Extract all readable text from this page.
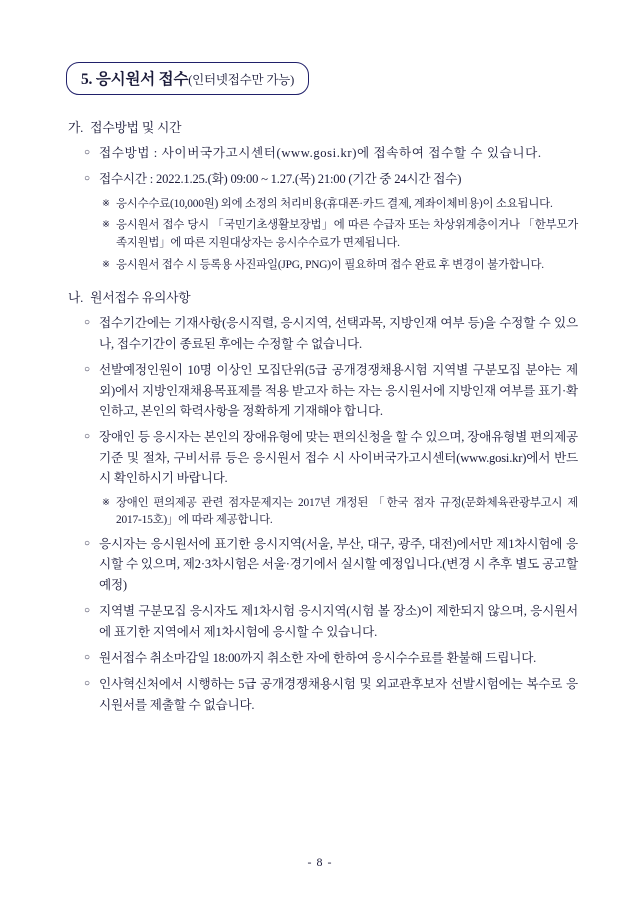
5. 응시원서 접수(인터넷접수만 가능)

가. 접수방법 및 시간

○ 접수방법 : 사이버국가고시센터(www.gosi.kr)에 접속하여 접수할 수 있습니다.

○ 접수시간 : 2022.1.25.(화) 09:00 ~ 1.27.(목) 21:00 (기간 중 24시간 접수)

※ 응시수수료(10,000원) 외에 소정의 처리비용(휴대폰·카드 결제, 계좌이체비용)이 소요됩니다.

※ 응시원서 접수 당시 「국민기초생활보장법」에 따른 수급자 또는 차상위계층이거나 「한부모가족지원법」에 따른 지원대상자는 응시수수료가 면제됩니다.

※ 응시원서 접수 시 등록용 사진파일(JPG, PNG)이 필요하며 접수 완료 후 변경이 불가합니다.

나. 원서접수 유의사항

○ 접수기간에는 기재사항(응시직렬, 응시지역, 선택과목, 지방인재 여부 등)을 수정할 수 있으나, 접수기간이 종료된 후에는 수정할 수 없습니다.

○ 선발예정인원이 10명 이상인 모집단위(5급 공개경쟁채용시험 지역별 구분모집 분야는 제외)에서 지방인재채용목표제를 적용 받고자 하는 자는 응시원서에 지방인재 여부를 표기·확인하고, 본인의 학력사항을 정확하게 기재해야 합니다.

○ 장애인 등 응시자는 본인의 장애유형에 맞는 편의신청을 할 수 있으며, 장애유형별 편의제공 기준 및 절차, 구비서류 등은 응시원서 접수 시 사이버국가고시센터(www.gosi.kr)에서 반드시 확인하시기 바랍니다.

※ 장애인 편의제공 관련 점자문제지는 2017년 개정된 「한국 점자 규정(문화체육관광부고시 제2017-15호)」에 따라 제공합니다.

○ 응시자는 응시원서에 표기한 응시지역(서울, 부산, 대구, 광주, 대전)에서만 제1차시험에 응시할 수 있으며, 제2·3차시험은 서울·경기에서 실시할 예정입니다.(변경 시 추후 별도 공고할 예정)

○ 지역별 구분모집 응시자도 제1차시험 응시지역(시험 볼 장소)이 제한되지 않으며, 응시원서에 표기한 지역에서 제1차시험에 응시할 수 있습니다.

○ 원서접수 취소마감일 18:00까지 취소한 자에 한하여 응시수수료를 환불해 드립니다.

○ 인사혁신처에서 시행하는 5급 공개경쟁채용시험 및 외교관후보자 선발시험에는 복수로 응시원서를 제출할 수 없습니다.

- 8 -
